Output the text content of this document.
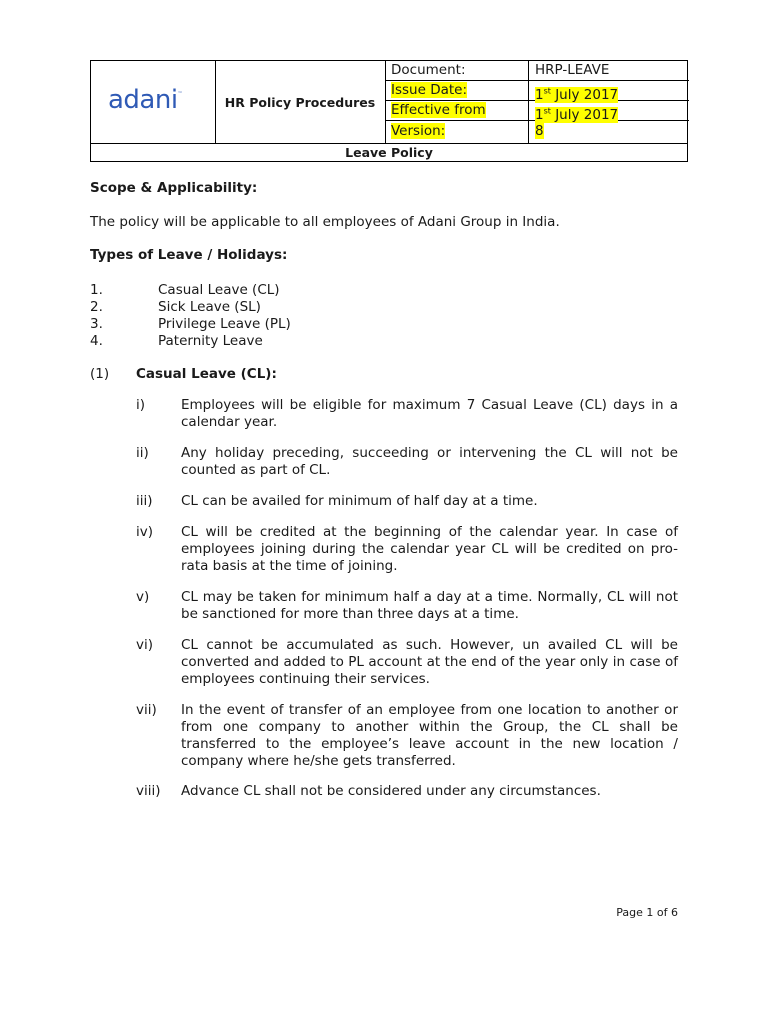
adani™
HR Policy Procedures
Document:	HRP-LEAVE
Issue Date:	1st July 2017
Effective from	1st July 2017
Version:	8
Leave Policy
Scope & Applicability:
The policy will be applicable to all employees of Adani Group in India.
Types of Leave / Holidays:
1.	Casual Leave (CL)
2.	Sick Leave (SL)
3.	Privilege Leave (PL)
4.	Paternity Leave
(1) Casual Leave (CL):
i)	Employees will be eligible for maximum 7 Casual Leave (CL) days in a calendar year.
ii) Any holiday preceding, succeeding or intervening the CL will not be counted as part of CL.
iii) CL can be availed for minimum of half day at a time.
iv) CL will be credited at the beginning of the calendar year. In case of employees joining during the calendar year CL will be credited on pro-rata basis at the time of joining.
v) CL may be taken for minimum half a day at a time. Normally, CL will not be sanctioned for more than three days at a time.
vi) CL cannot be accumulated as such. However, un availed CL will be converted and added to PL account at the end of the year only in case of employees continuing their services.
vii) In the event of transfer of an employee from one location to another or from one company to another within the Group, the CL shall be transferred to the employee’s leave account in the new location / company where he/she gets transferred.
viii) Advance CL shall not be considered under any circumstances.
Page 1 of 6
